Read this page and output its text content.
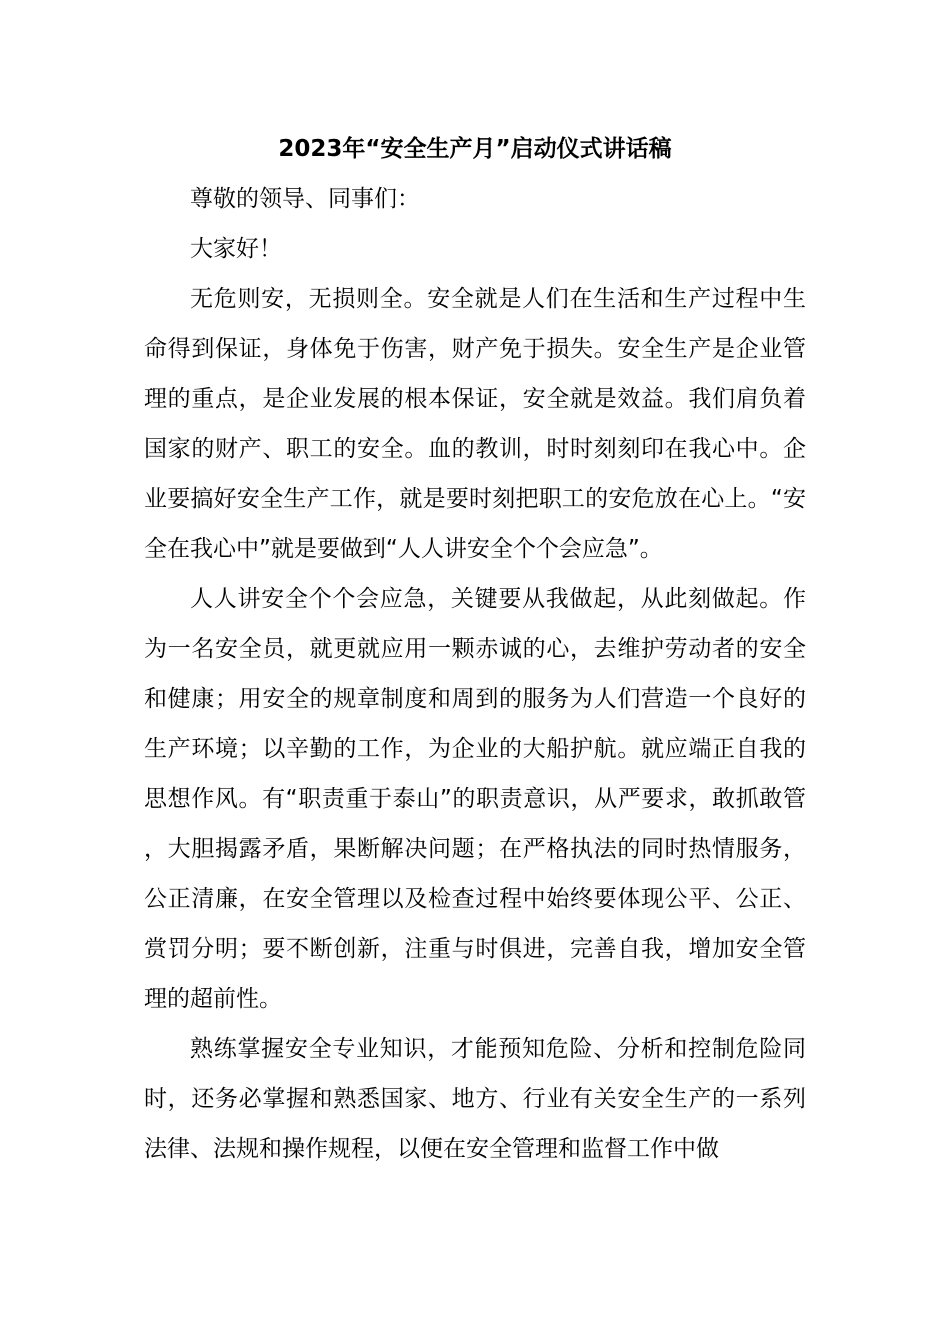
2023年“安全生产月”启动仪式讲话稿

尊敬的领导、同事们：

大家好！

无危则安，无损则全。安全就是人们在生活和生产过程中生命得到保证，身体免于伤害，财产免于损失。安全生产是企业管理的重点，是企业发展的根本保证，安全就是效益。我们肩负着国家的财产、职工的安全。血的教训，时时刻刻印在我心中。企业要搞好安全生产工作，就是要时刻把职工的安危放在心上。“安全在我心中”就是要做到“人人讲安全个个会应急”。

人人讲安全个个会应急，关键要从我做起，从此刻做起。作为一名安全员，就更就应用一颗赤诚的心，去维护劳动者的安全和健康；用安全的规章制度和周到的服务为人们营造一个良好的生产环境；以辛勤的工作，为企业的大船护航。就应端正自我的思想作风。有“职责重于泰山”的职责意识，从严要求，敢抓敢管，大胆揭露矛盾，果断解决问题；在严格执法的同时热情服务，公正清廉，在安全管理以及检查过程中始终要体现公平、公正、赏罚分明；要不断创新，注重与时俱进，完善自我，增加安全管理的超前性。

熟练掌握安全专业知识，才能预知危险、分析和控制危险同时，还务必掌握和熟悉国家、地方、行业有关安全生产的一系列法律、法规和操作规程，以便在安全管理和监督工作中做
